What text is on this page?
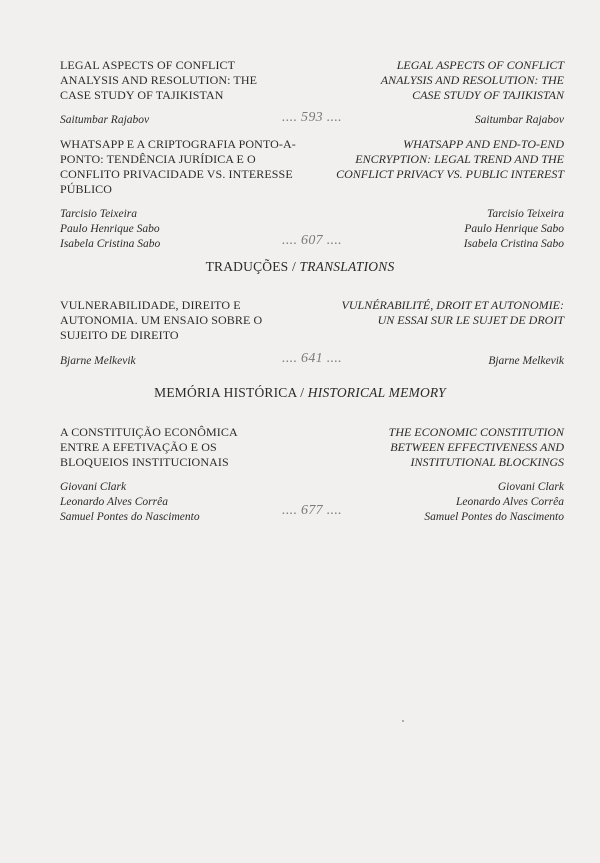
LEGAL ASPECTS OF CONFLICT ANALYSIS AND RESOLUTION: THE CASE STUDY OF TAJIKISTAN
LEGAL ASPECTS OF CONFLICT ANALYSIS AND RESOLUTION: THE CASE STUDY OF TAJIKISTAN
Saitumbar Rajabov	Saitumbar Rajabov
.... 593 ....
WHATSAPP E A CRIPTOGRAFIA PONTO-A-PONTO: TENDÊNCIA JURÍDICA E O CONFLITO PRIVACIDADE VS. INTERESSE PÚBLICO
WHATSAPP AND END-TO-END ENCRYPTION: LEGAL TREND AND THE CONFLICT PRIVACY VS. PUBLIC INTEREST
Tarcisio Teixeira
Paulo Henrique Sabo
Isabela Cristina Sabo
Tarcisio Teixeira
Paulo Henrique Sabo
Isabela Cristina Sabo
.... 607 ....
TRADUÇÕES / TRANSLATIONS
VULNERABILIDADE, DIREITO E AUTONOMIA. UM ENSAIO SOBRE O SUJEITO DE DIREITO
VULNÉRABILITÉ, DROIT ET AUTONOMIE: UN ESSAI SUR LE SUJET DE DROIT
Bjarne Melkevik	Bjarne Melkevik
.... 641 ....
MEMÓRIA HISTÓRICA / HISTORICAL MEMORY
A CONSTITUIÇÃO ECONÔMICA ENTRE A EFETIVAÇÃO E OS BLOQUEIOS INSTITUCIONAIS
THE ECONOMIC CONSTITUTION BETWEEN EFFECTIVENESS AND INSTITUTIONAL BLOCKINGS
Giovani Clark
Leonardo Alves Corrêa
Samuel Pontes do Nascimento
Giovani Clark
Leonardo Alves Corrêa
Samuel Pontes do Nascimento
.... 677 ....
